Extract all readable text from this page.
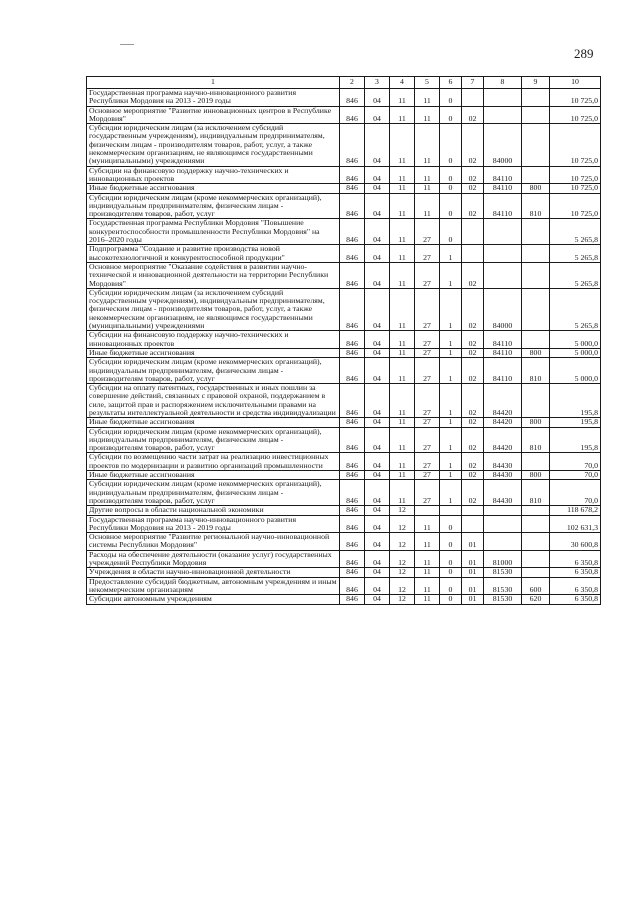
289
1	2	3	4	5	6	7	8	9	10
Государственная программа научно-инновационного развития Республики Мордовия на 2013 - 2019 годы	846	04	11	11	0				10 725,0
Основное мероприятие "Развитие инновационных центров в Республике Мордовия"	846	04	11	11	0	02			10 725,0
Субсидии юридическим лицам (за исключением субсидий государственным учреждениям), индивидуальным предпринимателям, физическим лицам - производителям товаров, работ, услуг, а также некоммерческим организациям, не являющимся государственными (муниципальными) учреждениями	846	04	11	11	0	02	84000		10 725,0
Субсидии на финансовую поддержку научно-технических и инновационных проектов	846	04	11	11	0	02	84110		10 725,0
Иные бюджетные ассигнования	846	04	11	11	0	02	84110	800	10 725,0
Субсидии юридическим лицам (кроме некоммерческих организаций), индивидуальным предпринимателям, физическим лицам - производителям товаров, работ, услуг	846	04	11	11	0	02	84110	810	10 725,0
Государственная программа Республики Мордовия "Повышение конкурентоспособности промышленности Республики Мордовия" на 2016–2020 годы	846	04	11	27	0				5 265,8
Подпрограмма "Создание и развитие производства новой высокотехнологичной и конкурентоспособной продукции"	846	04	11	27	1				5 265,8
Основное мероприятие "Оказание содействия в развитии научно-технической и инновационной деятельности на территории Республики Мордовия"	846	04	11	27	1	02			5 265,8
Субсидии юридическим лицам (за исключением субсидий государственным учреждениям), индивидуальным предпринимателям, физическим лицам - производителям товаров, работ, услуг, а также некоммерческим организациям, не являющимся государственными (муниципальными) учреждениями	846	04	11	27	1	02	84000		5 265,8
Субсидии на финансовую поддержку научно-технических и инновационных проектов	846	04	11	27	1	02	84110		5 000,0
Иные бюджетные ассигнования	846	04	11	27	1	02	84110	800	5 000,0
Субсидии юридическим лицам (кроме некоммерческих организаций), индивидуальным предпринимателям, физическим лицам - производителям товаров, работ, услуг	846	04	11	27	1	02	84110	810	5 000,0
Субсидии на оплату патентных, государственных и иных пошлин за совершение действий, связанных с правовой охраной, поддержанием в силе, защитой прав и распоряжением исключительными правами на результаты интеллектуальной деятельности и средства индивидуализации	846	04	11	27	1	02	84420		195,8
Иные бюджетные ассигнования	846	04	11	27	1	02	84420	800	195,8
Субсидии юридическим лицам (кроме некоммерческих организаций), индивидуальным предпринимателям, физическим лицам - производителям товаров, работ, услуг	846	04	11	27	1	02	84420	810	195,8
Субсидии по возмещению части затрат на реализацию инвестиционных проектов по модернизации и развитию организаций промышленности	846	04	11	27	1	02	84430		70,0
Иные бюджетные ассигнования	846	04	11	27	1	02	84430	800	70,0
Субсидии юридическим лицам (кроме некоммерческих организаций), индивидуальным предпринимателям, физическим лицам - производителям товаров, работ, услуг	846	04	11	27	1	02	84430	810	70,0
Другие вопросы в области национальной экономики	846	04	12						118 678,2
Государственная программа научно-инновационного развития Республики Мордовия на 2013 - 2019 годы	846	04	12	11	0				102 631,3
Основное мероприятие "Развитие региональной научно-инновационной системы Республики Мордовия"	846	04	12	11	0	01			30 600,8
Расходы на обеспечение деятельности (оказание услуг) государственных учреждений Республики Мордовия	846	04	12	11	0	01	81000		6 350,8
Учреждения в области научно-инновационной деятельности	846	04	12	11	0	01	81530		6 350,8
Предоставление субсидий бюджетным, автономным учреждениям и иным некоммерческим организациям	846	04	12	11	0	01	81530	600	6 350,8
Субсидии автономным учреждениям	846	04	12	11	0	01	81530	620	6 350,8
